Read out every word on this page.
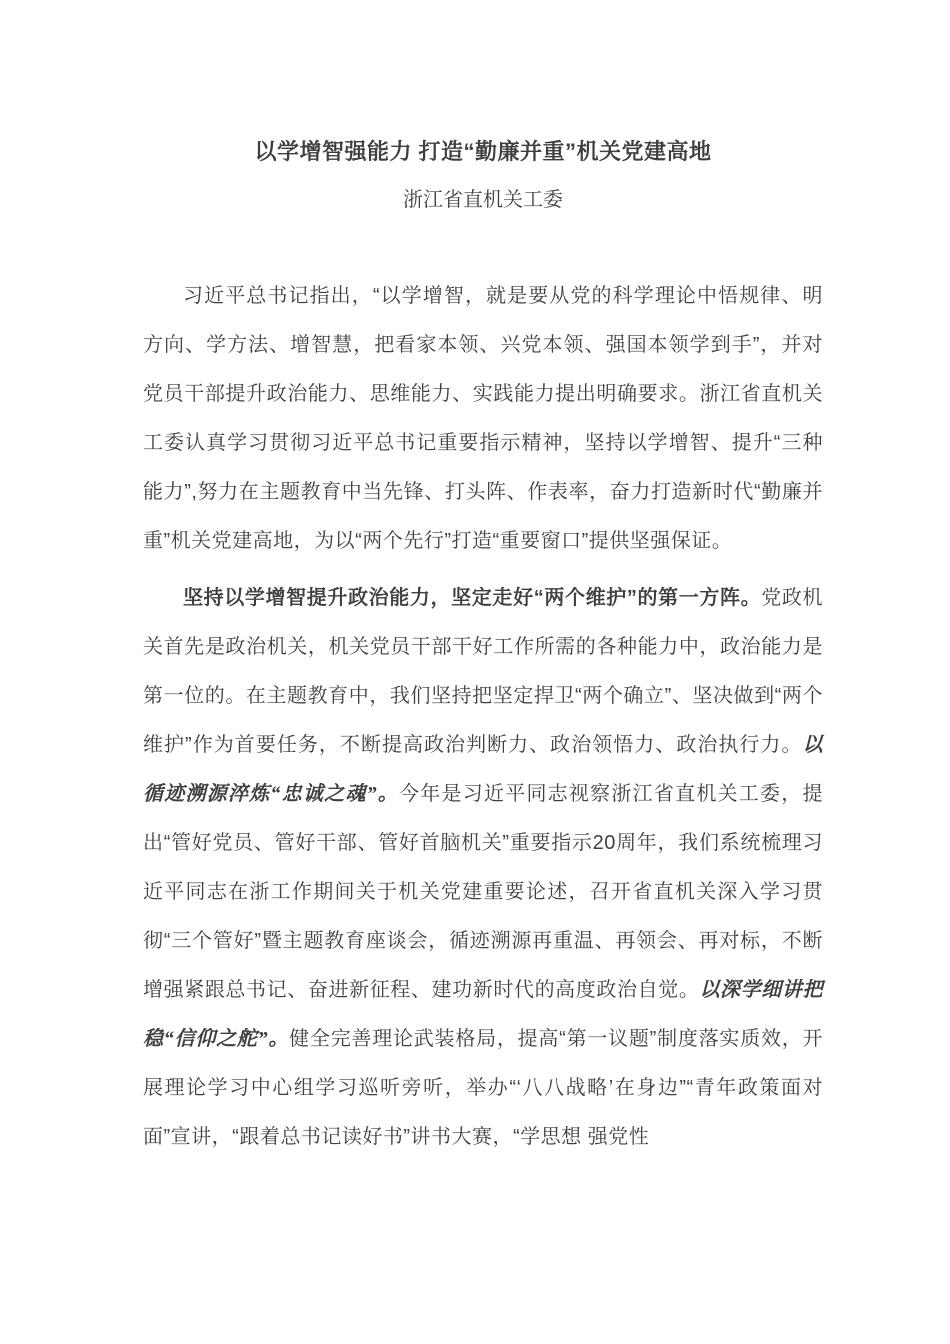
以学增智强能力 打造“勤廉并重”机关党建高地
浙江省直机关工委

习近平总书记指出，“以学增智，就是要从党的科学理论中悟规律、明方向、学方法、增智慧，把看家本领、兴党本领、强国本领学到手”，并对党员干部提升政治能力、思维能力、实践能力提出明确要求。浙江省直机关工委认真学习贯彻习近平总书记重要指示精神，坚持以学增智、提升“三种能力”,努力在主题教育中当先锋、打头阵、作表率，奋力打造新时代“勤廉并重”机关党建高地，为以“两个先行”打造“重要窗口”提供坚强保证。

坚持以学增智提升政治能力，坚定走好“两个维护”的第一方阵。党政机关首先是政治机关，机关党员干部干好工作所需的各种能力中，政治能力是第一位的。在主题教育中，我们坚持把坚定捍卫“两个确立”、坚决做到“两个维护”作为首要任务，不断提高政治判断力、政治领悟力、政治执行力。以循迹溯源淬炼“忠诚之魂”。今年是习近平同志视察浙江省直机关工委，提出“管好党员、管好干部、管好首脑机关”重要指示20周年，我们系统梳理习近平同志在浙工作期间关于机关党建重要论述，召开省直机关深入学习贯彻“三个管好”暨主题教育座谈会，循迹溯源再重温、再领会、再对标，不断增强紧跟总书记、奋进新征程、建功新时代的高度政治自觉。以深学细讲把稳“信仰之舵”。健全完善理论武装格局，提高“第一议题”制度落实质效，开展理论学习中心组学习巡听旁听，举办“‘八八战略’在身边”“青年政策面对面”宣讲，“跟着总书记读好书”讲书大赛，“学思想 强党性
